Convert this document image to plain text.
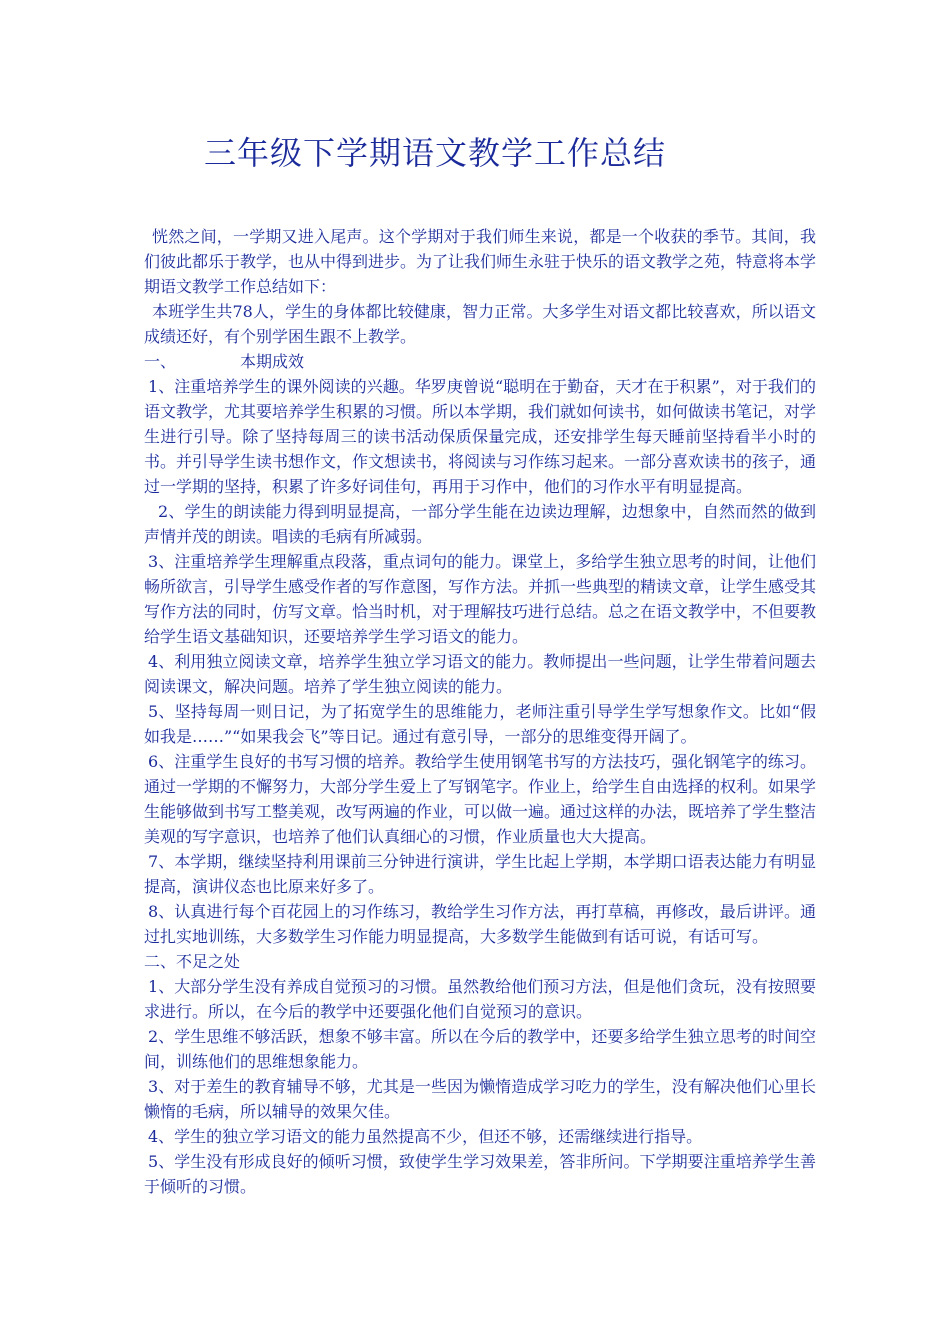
三年级下学期语文教学工作总结

恍然之间，一学期又进入尾声。这个学期对于我们师生来说，都是一个收获的季节。其间，我们彼此都乐于教学，也从中得到进步。为了让我们师生永驻于快乐的语文教学之苑，特意将本学期语文教学工作总结如下：

本班学生共78人，学生的身体都比较健康，智力正常。大多学生对语文都比较喜欢，所以语文成绩还好，有个别学困生跟不上教学。

一、	本期成效

1、注重培养学生的课外阅读的兴趣。华罗庚曾说“聪明在于勤奋，天才在于积累”，对于我们的语文教学，尤其要培养学生积累的习惯。所以本学期，我们就如何读书，如何做读书笔记，对学生进行引导。除了坚持每周三的读书活动保质保量完成，还安排学生每天睡前坚持看半小时的书。并引导学生读书想作文，作文想读书，将阅读与习作练习起来。一部分喜欢读书的孩子，通过一学期的坚持，积累了许多好词佳句，再用于习作中，他们的习作水平有明显提高。

2、学生的朗读能力得到明显提高，一部分学生能在边读边理解，边想象中，自然而然的做到声情并茂的朗读。唱读的毛病有所减弱。

3、注重培养学生理解重点段落，重点词句的能力。课堂上，多给学生独立思考的时间，让他们畅所欲言，引导学生感受作者的写作意图，写作方法。并抓一些典型的精读文章，让学生感受其写作方法的同时，仿写文章。恰当时机，对于理解技巧进行总结。总之在语文教学中，不但要教给学生语文基础知识，还要培养学生学习语文的能力。

4、利用独立阅读文章，培养学生独立学习语文的能力。教师提出一些问题，让学生带着问题去阅读课文，解决问题。培养了学生独立阅读的能力。

5、坚持每周一则日记，为了拓宽学生的思维能力，老师注重引导学生学写想象作文。比如“假如我是……”“如果我会飞”等日记。通过有意引导，一部分的思维变得开阔了。

6、注重学生良好的书写习惯的培养。教给学生使用钢笔书写的方法技巧，强化钢笔字的练习。通过一学期的不懈努力，大部分学生爱上了写钢笔字。作业上，给学生自由选择的权利。如果学生能够做到书写工整美观，改写两遍的作业，可以做一遍。通过这样的办法，既培养了学生整洁美观的写字意识，也培养了他们认真细心的习惯，作业质量也大大提高。

7、本学期，继续坚持利用课前三分钟进行演讲，学生比起上学期，本学期口语表达能力有明显提高，演讲仪态也比原来好多了。

8、认真进行每个百花园上的习作练习，教给学生习作方法，再打草稿，再修改，最后讲评。通过扎实地训练，大多数学生习作能力明显提高，大多数学生能做到有话可说，有话可写。

二、不足之处

1、大部分学生没有养成自觉预习的习惯。虽然教给他们预习方法，但是他们贪玩，没有按照要求进行。所以，在今后的教学中还要强化他们自觉预习的意识。

2、学生思维不够活跃，想象不够丰富。所以在今后的教学中，还要多给学生独立思考的时间空间，训练他们的思维想象能力。

3、对于差生的教育辅导不够，尤其是一些因为懒惰造成学习吃力的学生，没有解决他们心里长懒惰的毛病，所以辅导的效果欠佳。

4、学生的独立学习语文的能力虽然提高不少，但还不够，还需继续进行指导。

5、学生没有形成良好的倾听习惯，致使学生学习效果差，答非所问。下学期要注重培养学生善于倾听的习惯。
